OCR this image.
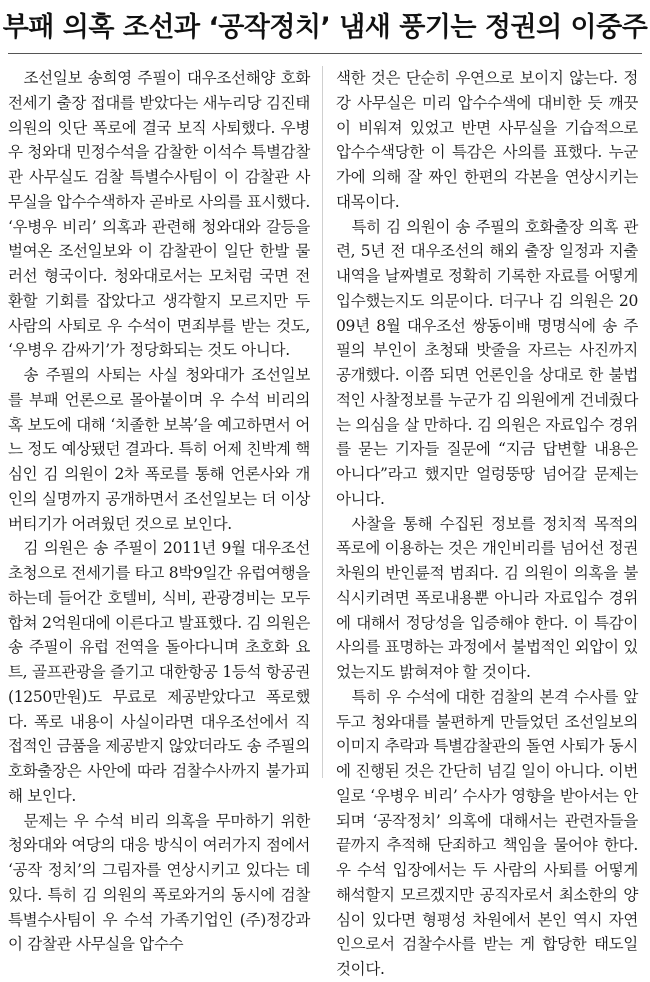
부패 의혹 조선과 ‘공작정치’ 냄새 풍기는 정권의 이중주

조선일보 송희영 주필이 대우조선해양 호화전세기 출장 접대를 받았다는 새누리당 김진태 의원의 잇단 폭로에 결국 보직 사퇴했다. 우병우 청와대 민정수석을 감찰한 이석수 특별감찰관 사무실도 검찰 특별수사팀이 이 감찰관 사무실을 압수수색하자 곧바로 사의를 표시했다. ‘우병우 비리’ 의혹과 관련해 청와대와 갈등을 벌여온 조선일보와 이 감찰관이 일단 한발 물러선 형국이다. 청와대로서는 모처럼 국면 전환할 기회를 잡았다고 생각할지 모르지만 두 사람의 사퇴로 우 수석이 면죄부를 받는 것도, ‘우병우 감싸기’가 정당화되는 것도 아니다.

송 주필의 사퇴는 사실 청와대가 조선일보를 부패 언론으로 몰아붙이며 우 수석 비리의혹 보도에 대해 ‘치졸한 보복’을 예고하면서 어느 정도 예상됐던 결과다. 특히 어제 친박계 핵심인 김 의원이 2차 폭로를 통해 언론사와 개인의 실명까지 공개하면서 조선일보는 더 이상 버티기가 어려웠던 것으로 보인다.

김 의원은 송 주필이 2011년 9월 대우조선 초청으로 전세기를 타고 8박9일간 유럽여행을 하는데 들어간 호텔비, 식비, 관광경비는 모두 합쳐 2억원대에 이른다고 발표했다. 김 의원은 송 주필이 유럽 전역을 돌아다니며 초호화 요트, 골프관광을 즐기고 대한항공 1등석 항공권(1250만원)도 무료로 제공받았다고 폭로했다. 폭로 내용이 사실이라면 대우조선에서 직접적인 금품을 제공받지 않았더라도 송 주필의 호화출장은 사안에 따라 검찰수사까지 불가피해 보인다.

문제는 우 수석 비리 의혹을 무마하기 위한 청와대와 여당의 대응 방식이 여러가지 점에서 ‘공작 정치’의 그림자를 연상시키고 있다는 데 있다. 특히 김 의원의 폭로와거의 동시에 검찰 특별수사팀이 우 수석 가족기업인 (주)정강과 이 감찰관 사무실을 압수수

색한 것은 단순히 우연으로 보이지 않는다. 정강 사무실은 미리 압수수색에 대비한 듯 깨끗이 비워져 있었고 반면 사무실을 기습적으로 압수수색당한 이 특감은 사의를 표했다. 누군가에 의해 잘 짜인 한편의 각본을 연상시키는 대목이다.

특히 김 의원이 송 주필의 호화출장 의혹 관련, 5년 전 대우조선의 해외 출장 일정과 지출내역을 날짜별로 정확히 기록한 자료를 어떻게 입수했는지도 의문이다. 더구나 김 의원은 2009년 8월 대우조선 쌍동이배 명명식에 송 주필의 부인이 초청돼 밧줄을 자르는 사진까지 공개했다. 이쯤 되면 언론인을 상대로 한 불법적인 사찰정보를 누군가 김 의원에게 건네줬다는 의심을 살 만하다. 김 의원은 자료입수 경위를 묻는 기자들 질문에 “지금 답변할 내용은 아니다”라고 했지만 얼렁뚱땅 넘어갈 문제는 아니다.

사찰을 통해 수집된 정보를 정치적 목적의 폭로에 이용하는 것은 개인비리를 넘어선 정권 차원의 반인륜적 범죄다. 김 의원이 의혹을 불식시키려면 폭로내용뿐 아니라 자료입수 경위에 대해서 정당성을 입증해야 한다. 이 특감이 사의를 표명하는 과정에서 불법적인 외압이 있었는지도 밝혀져야 할 것이다.

특히 우 수석에 대한 검찰의 본격 수사를 앞두고 청와대를 불편하게 만들었던 조선일보의 이미지 추락과 특별감찰관의 돌연 사퇴가 동시에 진행된 것은 간단히 넘길 일이 아니다. 이번 일로 ‘우병우 비리’ 수사가 영향을 받아서는 안되며 ‘공작정치’ 의혹에 대해서는 관련자들을 끝까지 추적해 단죄하고 책임을 물어야 한다. 우 수석 입장에서는 두 사람의 사퇴를 어떻게 해석할지 모르겠지만 공직자로서 최소한의 양심이 있다면 형평성 차원에서 본인 역시 자연인으로서 검찰수사를 받는 게 합당한 태도일 것이다.
